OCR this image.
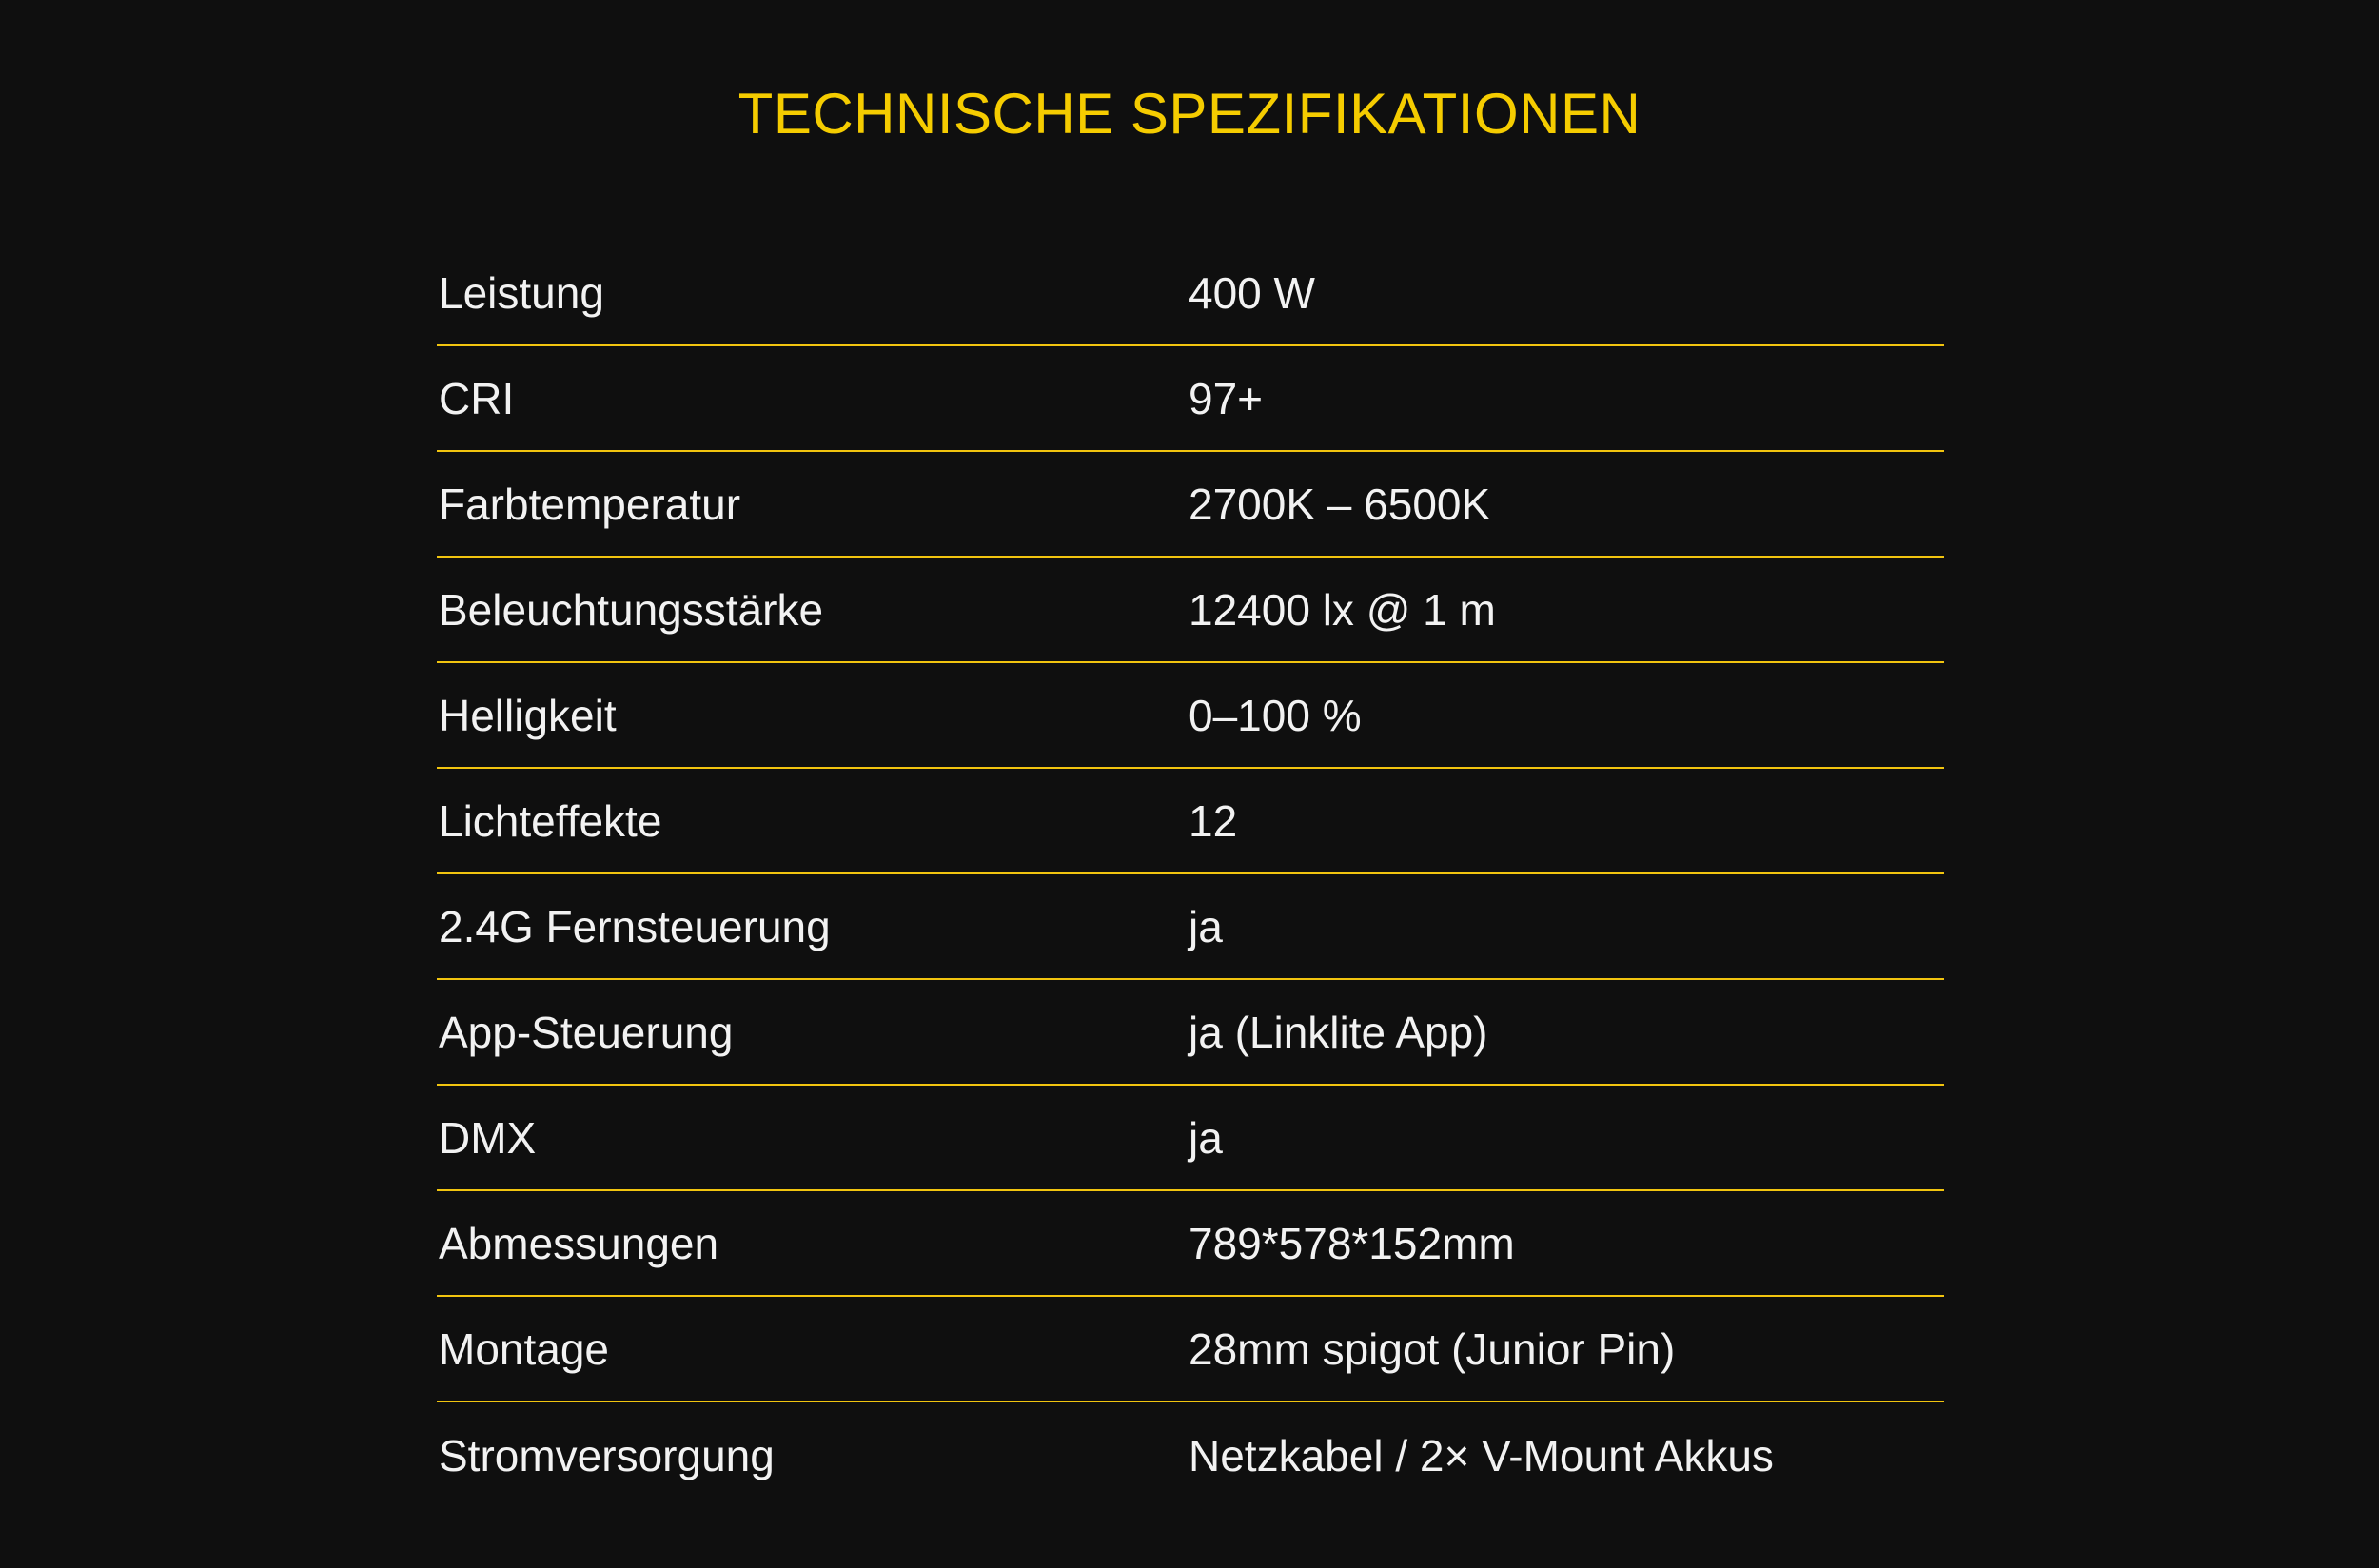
TECHNISCHE SPEZIFIKATIONEN
Leistung	400 W
CRI	97+
Farbtemperatur	2700K – 6500K
Beleuchtungsstärke	12400 lx @ 1 m
Helligkeit	0–100 %
Lichteffekte	12
2.4G Fernsteuerung	ja
App-Steuerung	ja (Linklite App)
DMX	ja
Abmessungen	789*578*152mm
Montage	28mm spigot (Junior Pin)
Stromversorgung	Netzkabel / 2× V-Mount Akkus
